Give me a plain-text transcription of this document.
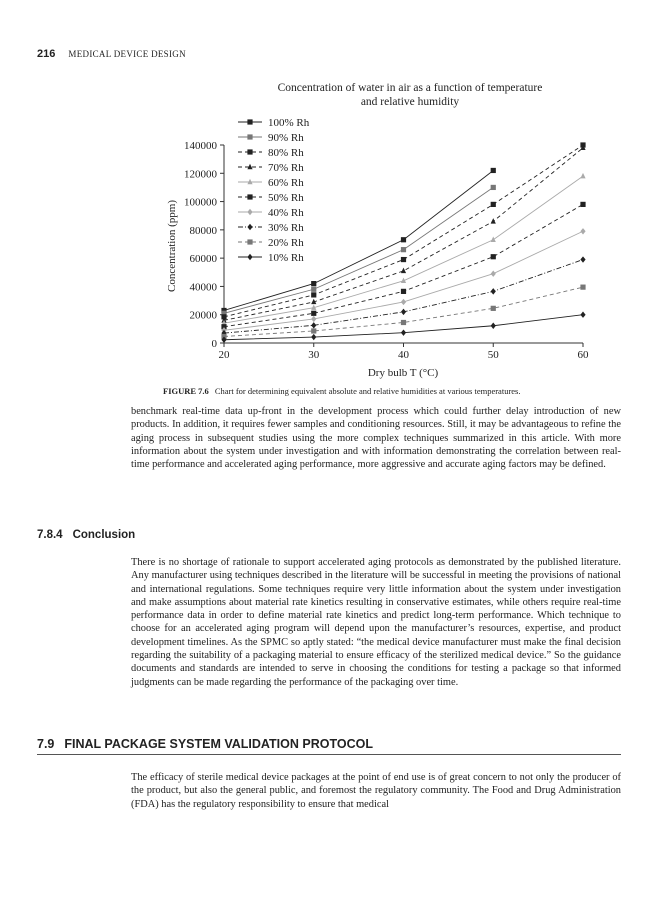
216 MEDICAL DEVICE DESIGN
Concentration of water in air as a function of temperature
and relative humidity
Dry bulb T (°C)
Concentration (ppm)
20	30	40	50	60
0
20000
40000
60000
80000
100000
120000
140000
100% Rh
90% Rh
80% Rh
70% Rh
60% Rh
50% Rh
40% Rh
30% Rh
20% Rh
10% Rh
FIGURE 7.6 Chart for determining equivalent absolute and relative humidities at various temperatures.

benchmark real-time data up-front in the development process which could further delay introduction of new products. In addition, it requires fewer samples and conditioning resources. Still, it may be advantageous to refine the aging process in subsequent studies using the more complex techniques summarized in this article. With more information about the system under investigation and with information demonstrating the correlation between real-time performance and accelerated aging performance, more aggressive and accurate aging factors may be defined.

7.8.4 Conclusion

There is no shortage of rationale to support accelerated aging protocols as demonstrated by the published literature. Any manufacturer using techniques described in the literature will be successful in meeting the provisions of national and international regulations. Some techniques require very little information about the system under investigation and make assumptions about material rate kinetics resulting in conservative estimates, while others require real-time performance data in order to define material rate kinetics and predict long-term performance. Which technique to choose for an accelerated aging program will depend upon the manufacturer’s resources, expertise, and product development timelines. As the SPMC so aptly stated: “the medical device manufacturer must make the final decision regarding the suitability of a packaging material to ensure efficacy of the sterilized medical device.” So the guidance documents and standards are intended to serve in choosing the conditions for testing a package so that informed judgments can be made regarding the performance of the packaging over time.

7.9 FINAL PACKAGE SYSTEM VALIDATION PROTOCOL

The efficacy of sterile medical device packages at the point of end use is of great concern to not only the producer of the product, but also the general public, and foremost the regulatory community. The Food and Drug Administration (FDA) has the regulatory responsibility to ensure that medical
